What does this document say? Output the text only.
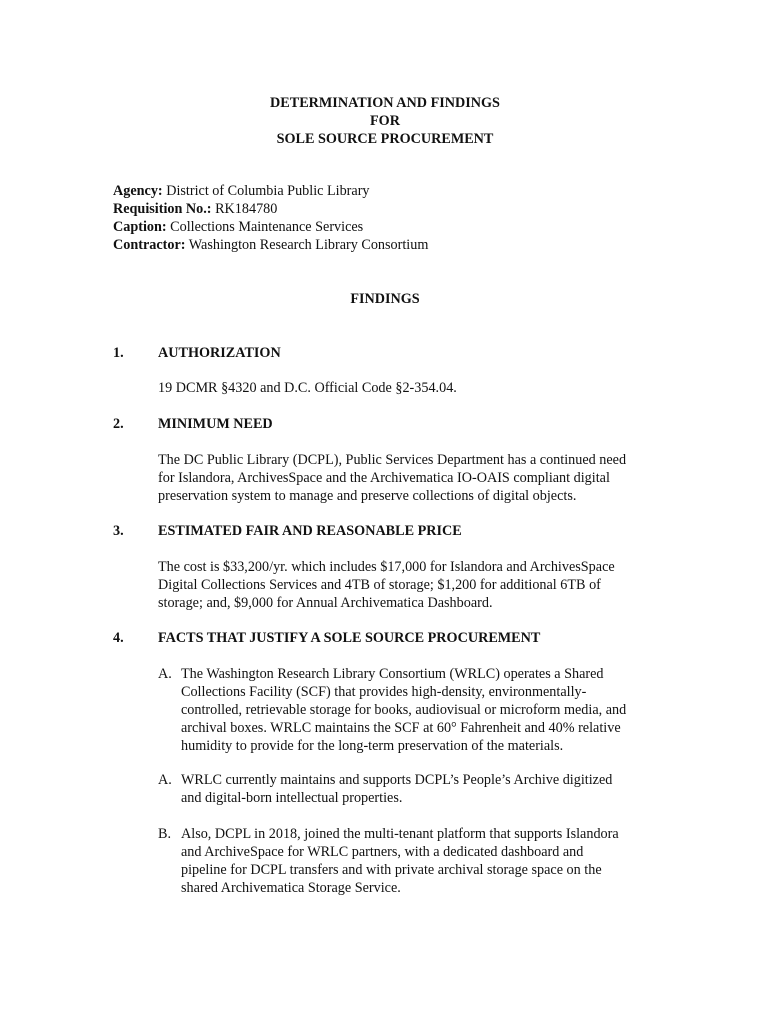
DETERMINATION AND FINDINGS
FOR
SOLE SOURCE PROCUREMENT
Agency: District of Columbia Public Library
Requisition No.: RK184780
Caption: Collections Maintenance Services
Contractor: Washington Research Library Consortium
FINDINGS
1. AUTHORIZATION
19 DCMR §4320 and D.C. Official Code §2-354.04.
2. MINIMUM NEED
The DC Public Library (DCPL), Public Services Department has a continued need
for Islandora, ArchivesSpace and the Archivematica IO-OAIS compliant digital
preservation system to manage and preserve collections of digital objects.
3. ESTIMATED FAIR AND REASONABLE PRICE
The cost is $33,200/yr. which includes $17,000 for Islandora and ArchivesSpace
Digital Collections Services and 4TB of storage; $1,200 for additional 6TB of
storage; and, $9,000 for Annual Archivematica Dashboard.
4. FACTS THAT JUSTIFY A SOLE SOURCE PROCUREMENT
A. The Washington Research Library Consortium (WRLC) operates a Shared
Collections Facility (SCF) that provides high-density, environmentally-
controlled, retrievable storage for books, audiovisual or microform media, and
archival boxes. WRLC maintains the SCF at 60° Fahrenheit and 40% relative
humidity to provide for the long-term preservation of the materials.
A. WRLC currently maintains and supports DCPL’s People’s Archive digitized
and digital-born intellectual properties.
B. Also, DCPL in 2018, joined the multi-tenant platform that supports Islandora
and ArchiveSpace for WRLC partners, with a dedicated dashboard and
pipeline for DCPL transfers and with private archival storage space on the
shared Archivematica Storage Service.
